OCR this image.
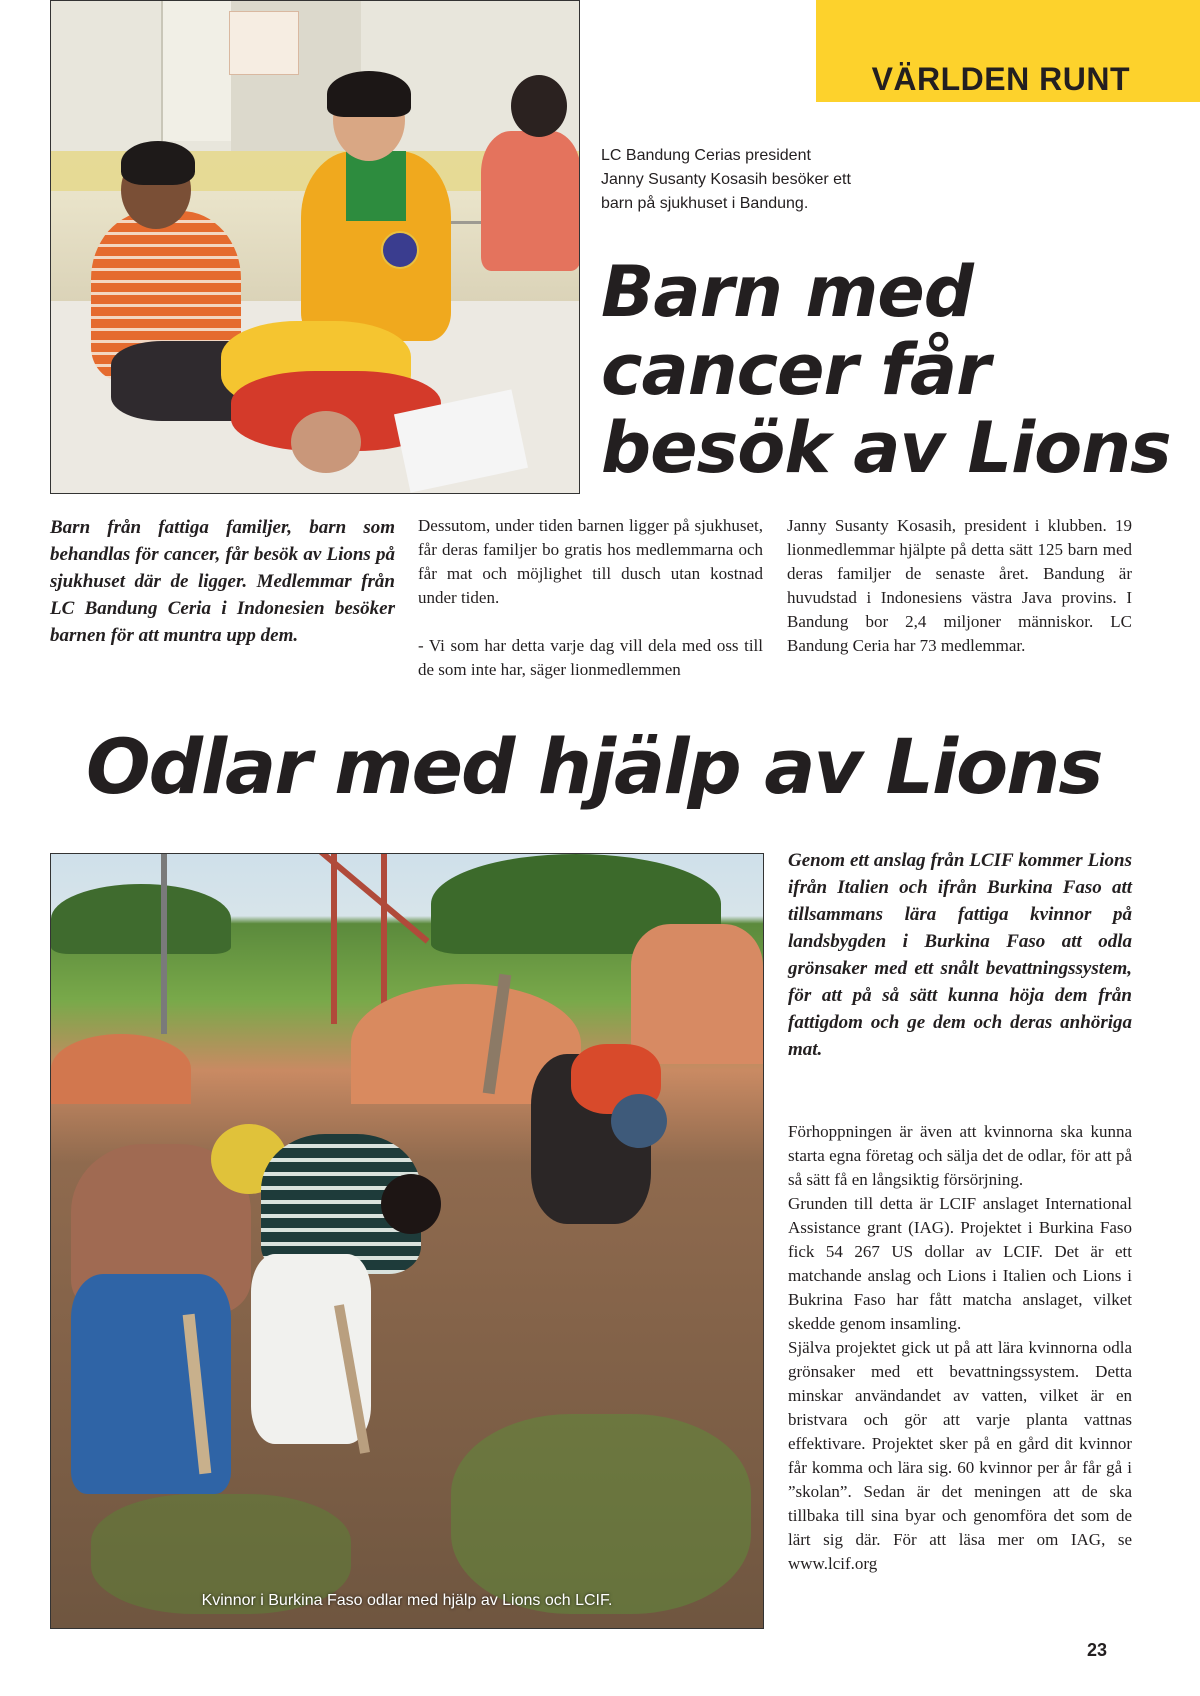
VÄRLDEN RUNT
LC Bandung Cerias president Janny Susanty Kosasih besöker ett barn på sjukhuset i Bandung.
Barn med cancer får besök av Lions
Barn från fattiga familjer, barn som behandlas för cancer, får besök av Lions på sjukhuset där de ligger. Medlemmar från LC Bandung Ceria i Indonesien besöker barnen för att muntra upp dem.

Dessutom, under tiden barnen ligger på sjukhuset, får deras familjer bo gratis hos medlemmarna och får mat och möjlighet till dusch utan kostnad under tiden.

- Vi som har detta varje dag vill dela med oss till de som inte har, säger lionmedlemmen

Janny Susanty Kosasih, president i klubben. 19 lionmedlemmar hjälpte på detta sätt 125 barn med deras familjer de senaste året. Bandung är huvudstad i Indonesiens västra Java provins. I Bandung bor 2,4 miljoner människor. LC Bandung Ceria har 73 medlemmar.

Odlar med hjälp av Lions
Kvinnor i Burkina Faso odlar med hjälp av Lions och LCIF.
Genom ett anslag från LCIF kommer Lions ifrån Italien och ifrån Burkina Faso att tillsammans lära fattiga kvinnor på landsbygden i Burkina Faso att odla grönsaker med ett snålt bevattningssystem, för att på så sätt kunna höja dem från fattigdom och ge dem och deras anhöriga mat.

Förhoppningen är även att kvinnorna ska kunna starta egna företag och sälja det de odlar, för att på så sätt få en långsiktig försörjning.

Grunden till detta är LCIF anslaget International Assistance grant (IAG). Projektet i Burkina Faso fick 54 267 US dollar av LCIF. Det är ett matchande anslag och Lions i Italien och Lions i Bukrina Faso har fått matcha anslaget, vilket skedde genom insamling.

Själva projektet gick ut på att lära kvinnorna odla grönsaker med ett bevattningssystem. Detta minskar användandet av vatten, vilket är en bristvara och gör att varje planta vattnas effektivare. Projektet sker på en gård dit kvinnor får komma och lära sig. 60 kvinnor per år får gå i ”skolan”. Sedan är det meningen att de ska tillbaka till sina byar och genomföra det som de lärt sig där. För att läsa mer om IAG, se www.lcif.org

23
